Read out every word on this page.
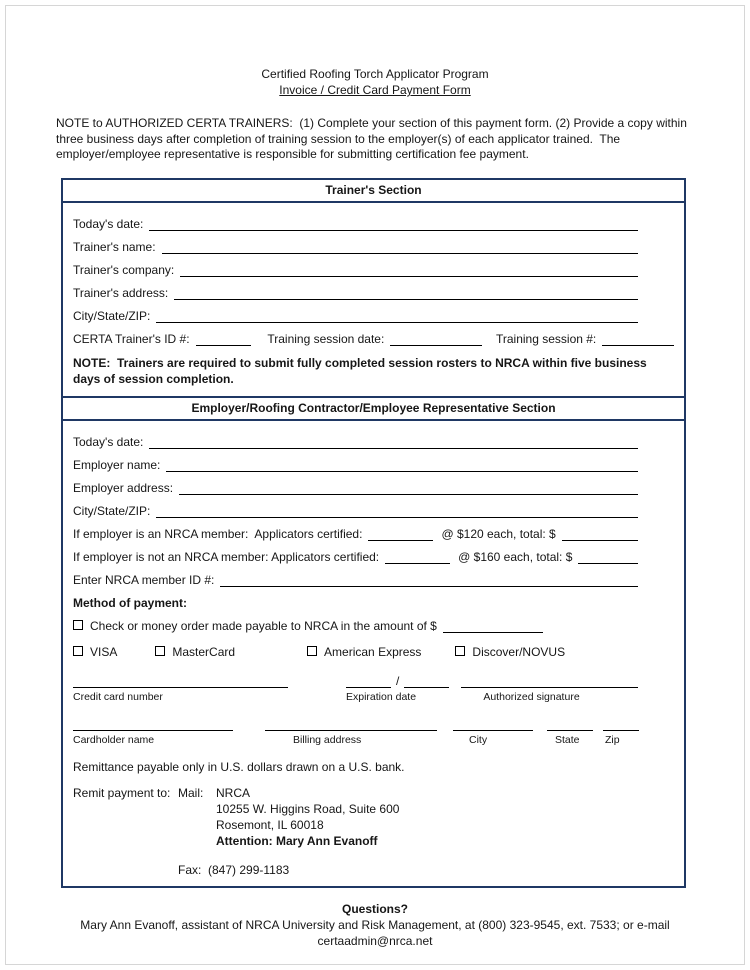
Certified Roofing Torch Applicator Program
Invoice / Credit Card Payment Form

NOTE to AUTHORIZED CERTA TRAINERS:  (1) Complete your section of this payment form. (2) Provide a copy within three business days after completion of training session to the employer(s) of each applicator trained.  The employer/employee representative is responsible for submitting certification fee payment.

Trainer's Section
Today's date:
Trainer's name:
Trainer's company:
Trainer's address:
City/State/ZIP:
CERTA Trainer's ID #:	Training session date:	Training session #:

NOTE:  Trainers are required to submit fully completed session rosters to NRCA within five business days of session completion.

Employer/Roofing Contractor/Employee Representative Section
Today's date:
Employer name:
Employer address:
City/State/ZIP:
If employer is an NRCA member:  Applicators certified:	@ $120 each, total: $
If employer is not an NRCA member: Applicators certified:	@ $160 each, total: $
Enter NRCA member ID #:
Method of payment:
Check or money order made payable to NRCA in the amount of $
VISA	MasterCard	American Express	Discover/NOVUS
Credit card number
/
Expiration date	Authorized signature
Cardholder name	Billing address	City	State	Zip
Remittance payable only in U.S. dollars drawn on a U.S. bank.
Remit payment to: Mail:	NRCA
10255 W. Higgins Road, Suite 600
Rosemont, IL 60018
Attention: Mary Ann Evanoff
Fax:  (847) 299-1183
Questions?
Mary Ann Evanoff, assistant of NRCA University and Risk Management, at (800) 323-9545, ext. 7533; or e-mail
certaadmin@nrca.net
